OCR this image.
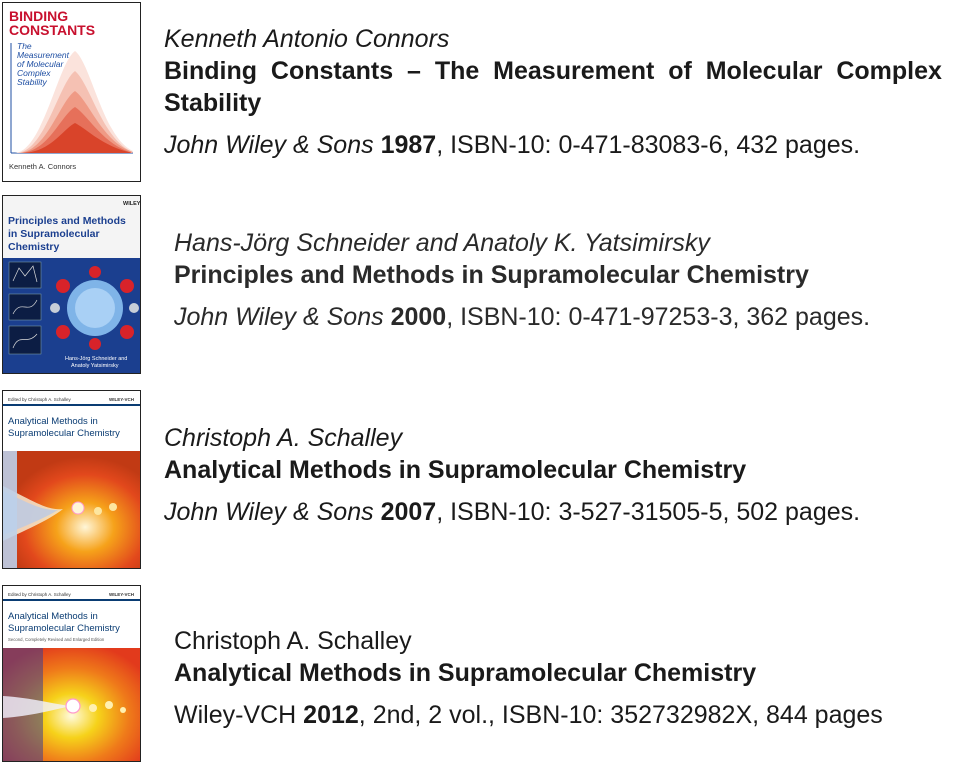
BINDING
CONSTANTS
The
Measurement
of Molecular
Complex
Stability
Kenneth A. Connors
Kenneth Antonio Connors
Binding  Constants  –  The  Measurement  of  Molecular  Complex
Stability
John Wiley & Sons 1987, ISBN-10: 0-471-83083-6, 432 pages.
WILEY
Principles and Methods
in Supramolecular
Chemistry
Hans-Jörg Schneider and
Anatoly Yatsimirsky
Hans-Jörg Schneider and Anatoly K. Yatsimirsky
Principles and Methods in Supramolecular Chemistry
John Wiley & Sons 2000, ISBN-10: 0-471-97253-3, 362 pages.
Edited by Christoph A. Schalley	WILEY-VCH
Analytical Methods in
Supramolecular Chemistry Christoph A. Schalley
Analytical Methods in Supramolecular Chemistry
John Wiley & Sons 2007, ISBN-10: 3-527-31505-5, 502 pages.
Edited by Christoph A. Schalley	WILEY-VCH
Analytical Methods in
Supramolecular Chemistry
Second, Completely Revised and Enlarged Edition	Christoph A. Schalley
Analytical Methods in Supramolecular Chemistry
Wiley-VCH 2012, 2nd, 2 vol., ISBN-10: 352732982X, 844 pages
